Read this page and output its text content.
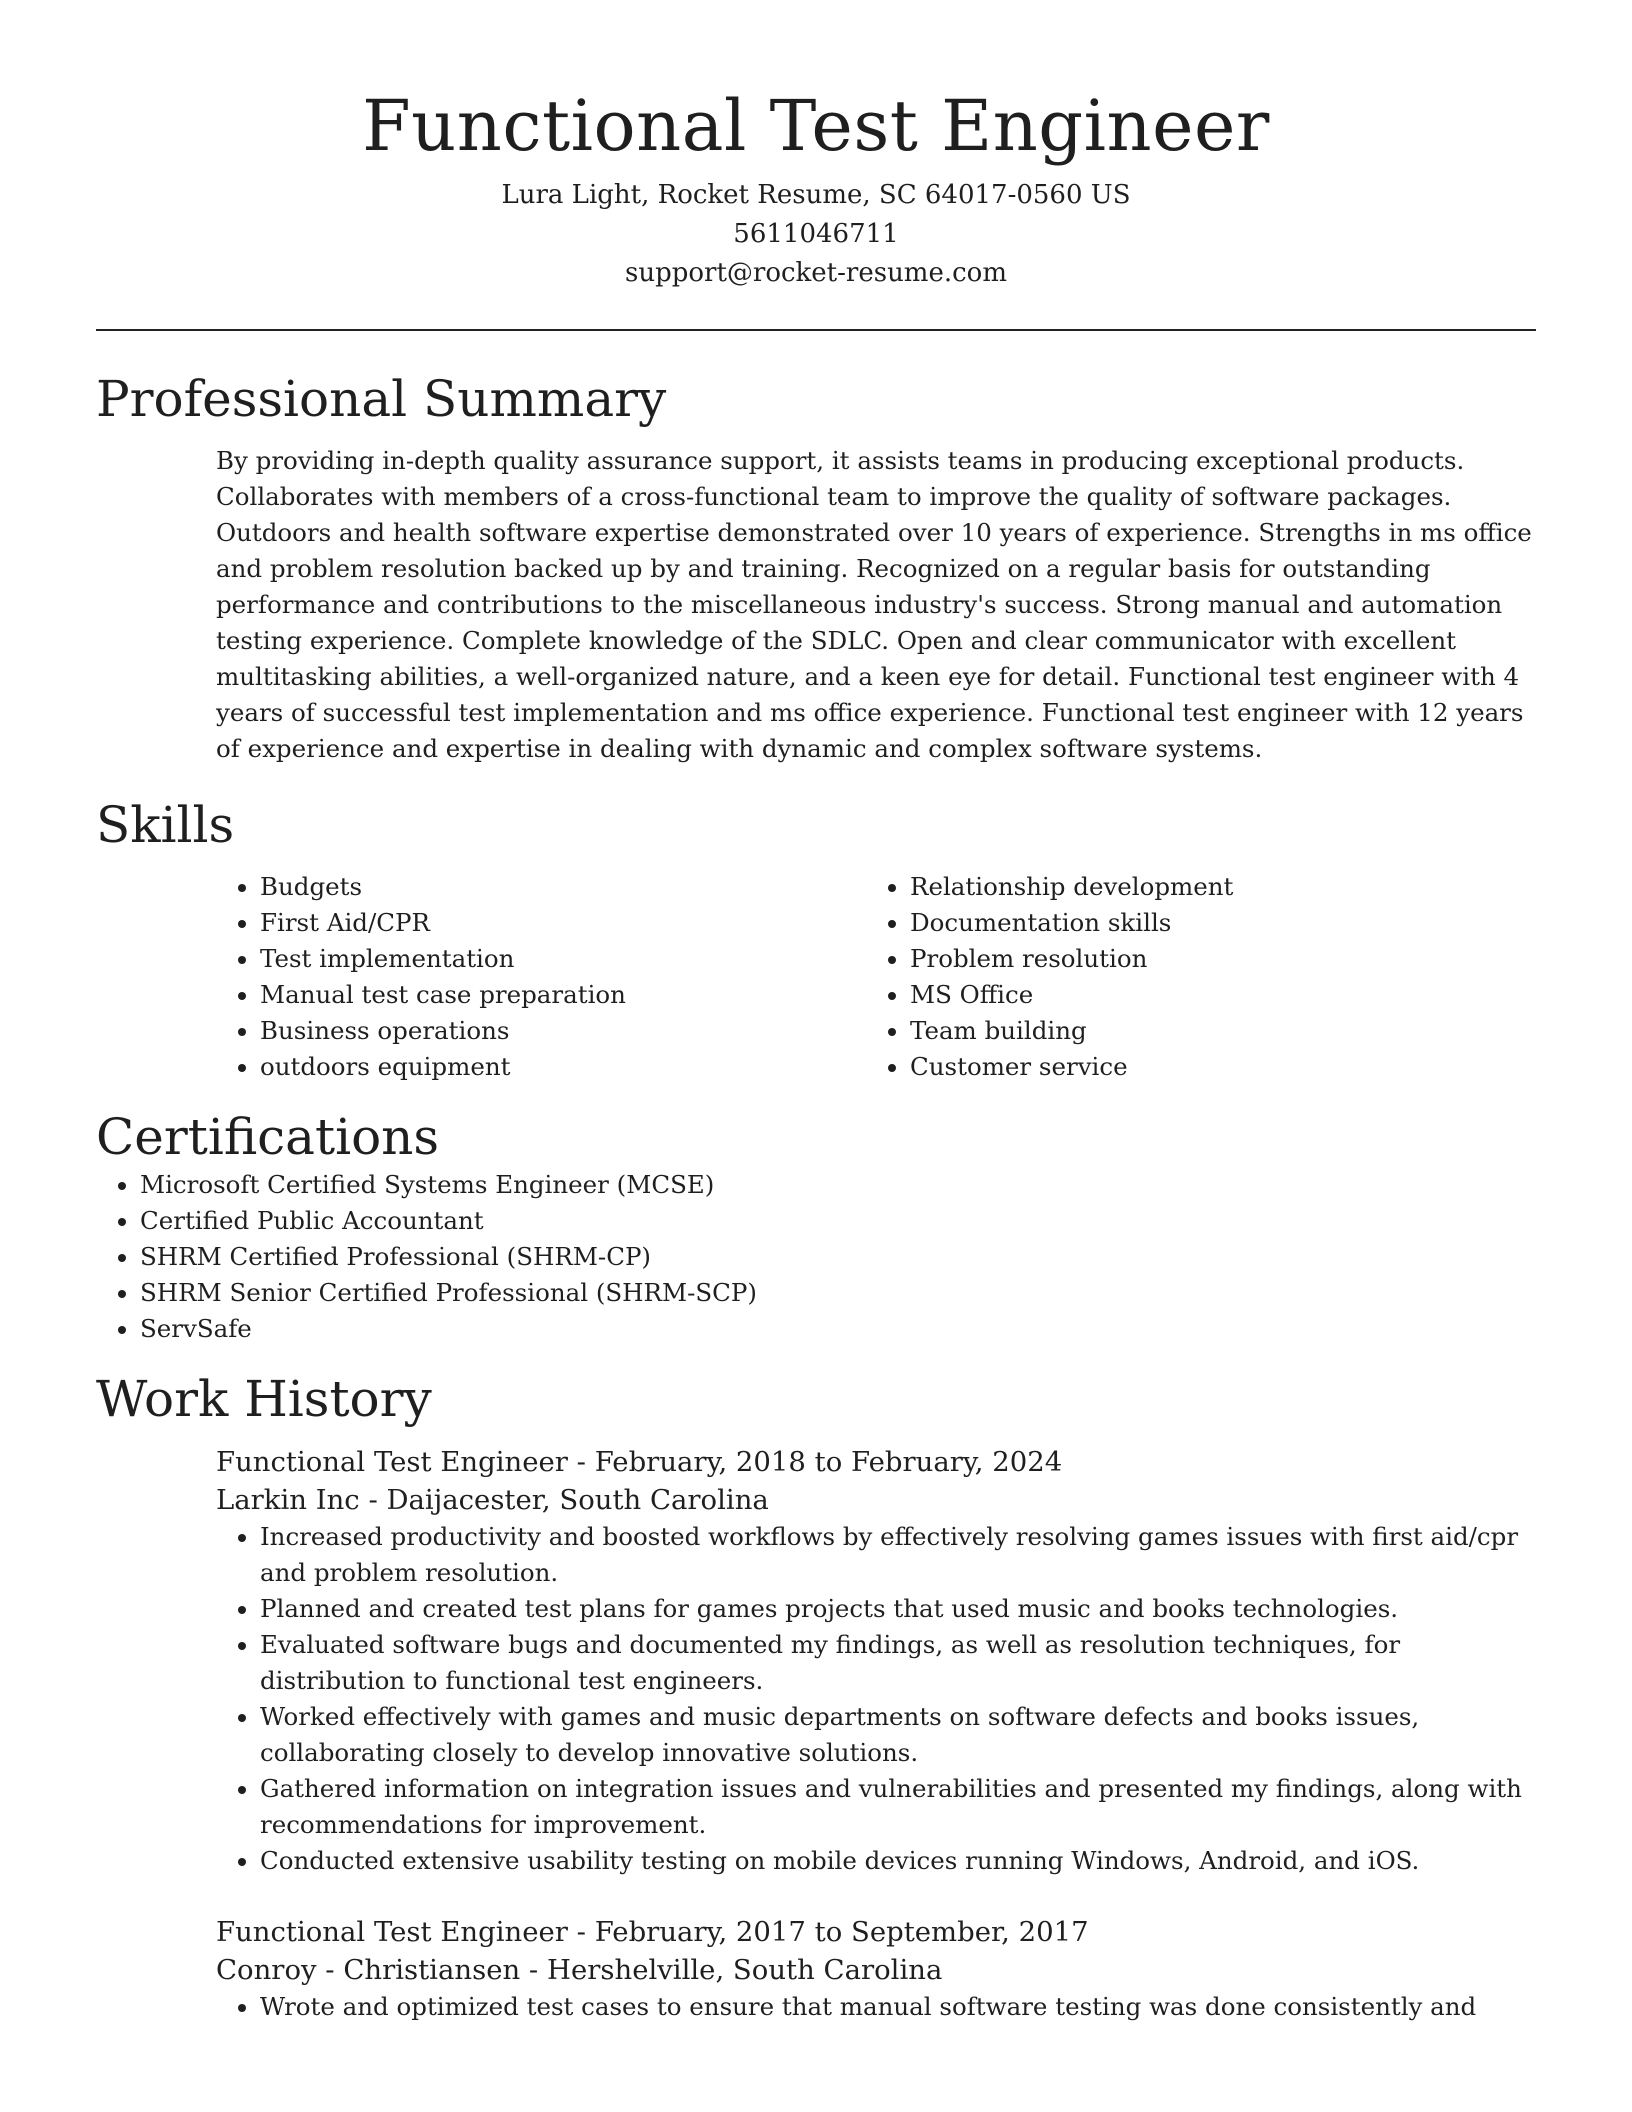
Functional Test Engineer
Lura Light, Rocket Resume, SC 64017-0560 US
5611046711
support@rocket-resume.com
Professional Summary

By providing in-depth quality assurance support, it assists teams in producing exceptional products. Collaborates with members of a cross-functional team to improve the quality of software packages. Outdoors and health software expertise demonstrated over 10 years of experience. Strengths in ms office and problem resolution backed up by and training. Recognized on a regular basis for outstanding performance and contributions to the miscellaneous industry's success. Strong manual and automation testing experience. Complete knowledge of the SDLC. Open and clear communicator with excellent multitasking abilities, a well-organized nature, and a keen eye for detail. Functional test engineer with 4 years of successful test implementation and ms office experience. Functional test engineer with 12 years of experience and expertise in dealing with dynamic and complex software systems.

Skills
• Budgets
• First Aid/CPR
• Test implementation
• Manual test case preparation
• Business operations
• outdoors equipment
• Relationship development
• Documentation skills
• Problem resolution
• MS Office
• Team building
• Customer service
Certifications
• Microsoft Certified Systems Engineer (MCSE)
• Certified Public Accountant
• SHRM Certified Professional (SHRM-CP)
• SHRM Senior Certified Professional (SHRM-SCP)
• ServSafe
Work History
Functional Test Engineer - February, 2018 to February, 2024
Larkin Inc - Daijacester, South Carolina
• Increased productivity and boosted workflows by effectively resolving games issues with first aid/cpr and problem resolution.
• Planned and created test plans for games projects that used music and books technologies.
• Evaluated software bugs and documented my findings, as well as resolution techniques, for distribution to functional test engineers.
• Worked effectively with games and music departments on software defects and books issues, collaborating closely to develop innovative solutions.
• Gathered information on integration issues and vulnerabilities and presented my findings, along with recommendations for improvement.
• Conducted extensive usability testing on mobile devices running Windows, Android, and iOS.
Functional Test Engineer - February, 2017 to September, 2017
Conroy - Christiansen - Hershelville, South Carolina
• Wrote and optimized test cases to ensure that manual software testing was done consistently and
